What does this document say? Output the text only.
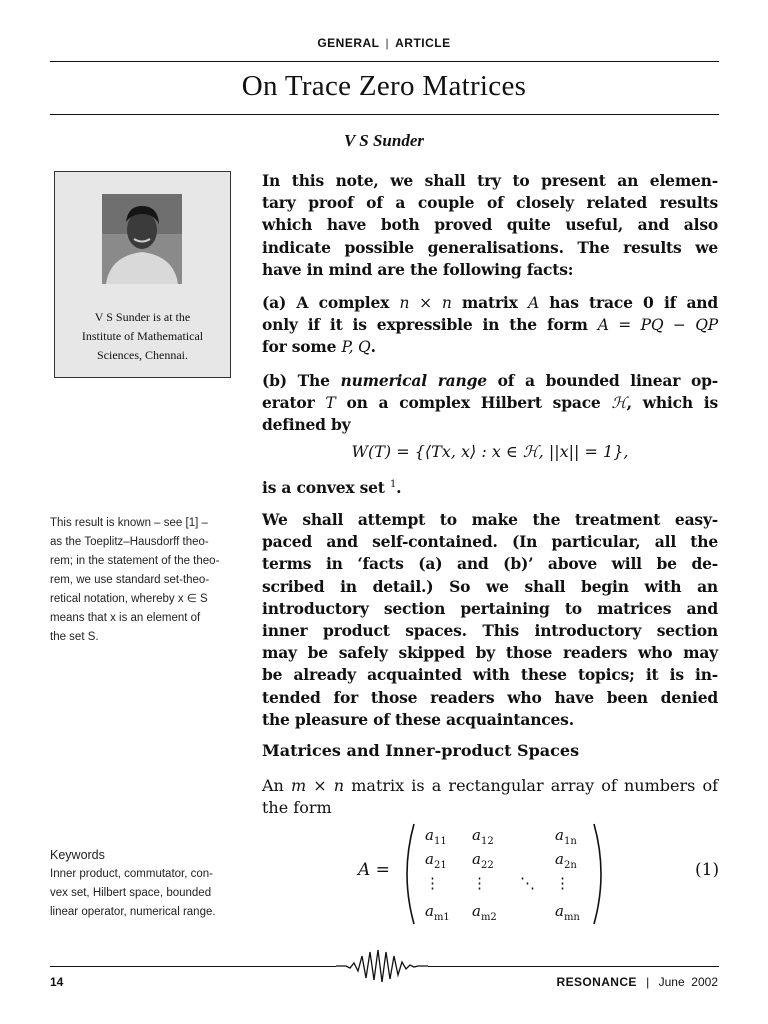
GENERAL | ARTICLE
On Trace Zero Matrices
V S Sunder
V S Sunder is at the
Institute of Mathematical
Sciences, Chennai.
In this note, we shall try to present an elemen-
tary proof of a couple of closely related results
which have both proved quite useful, and also
indicate possible generalisations. The results we
have in mind are the following facts:
(a) A complex n × n matrix A has trace 0 if and
only if it is expressible in the form A = PQ − QP
for some P, Q.
(b) The numerical range of a bounded linear op-
erator T on a complex Hilbert space ℋ, which is
defined by
W(T) = {⟨Tx, x⟩ : x ∈ ℋ, ||x|| = 1},
is a convex set $^1$.
This result is known – see [1] –
as the Toeplitz–Hausdorff theo-
rem; in the statement of the theo-
rem, we use standard set-theo-
retical notation, whereby x ∈ S
means that x is an element of
the set S.
We shall attempt to make the treatment easy-
paced and self-contained. (In particular, all the
terms in ‘facts (a) and (b)’ above will be de-
scribed in detail.) So we shall begin with an
introductory section pertaining to matrices and
inner product spaces. This introductory section
may be safely skipped by those readers who may
be already acquainted with these topics; it is in-
tended for those readers who have been denied
the pleasure of these acquaintances.
Matrices and Inner-product Spaces
An m × n matrix is a rectangular array of numbers of
the form
Keywords
Inner product, commutator, con-
vex set, Hilbert space, bounded
linear operator, numerical range.
A =
$a_{11}$ $a_{12}$	$a_{1n}$
$a_{21}$ $a_{22}$	$a_{2n}$
⋮ ⋮ ⋱ ⋮
$a_{m1}$ $a_{m2}$	$a_{mn}$
(1)
14	RESONANCE | June  2002
